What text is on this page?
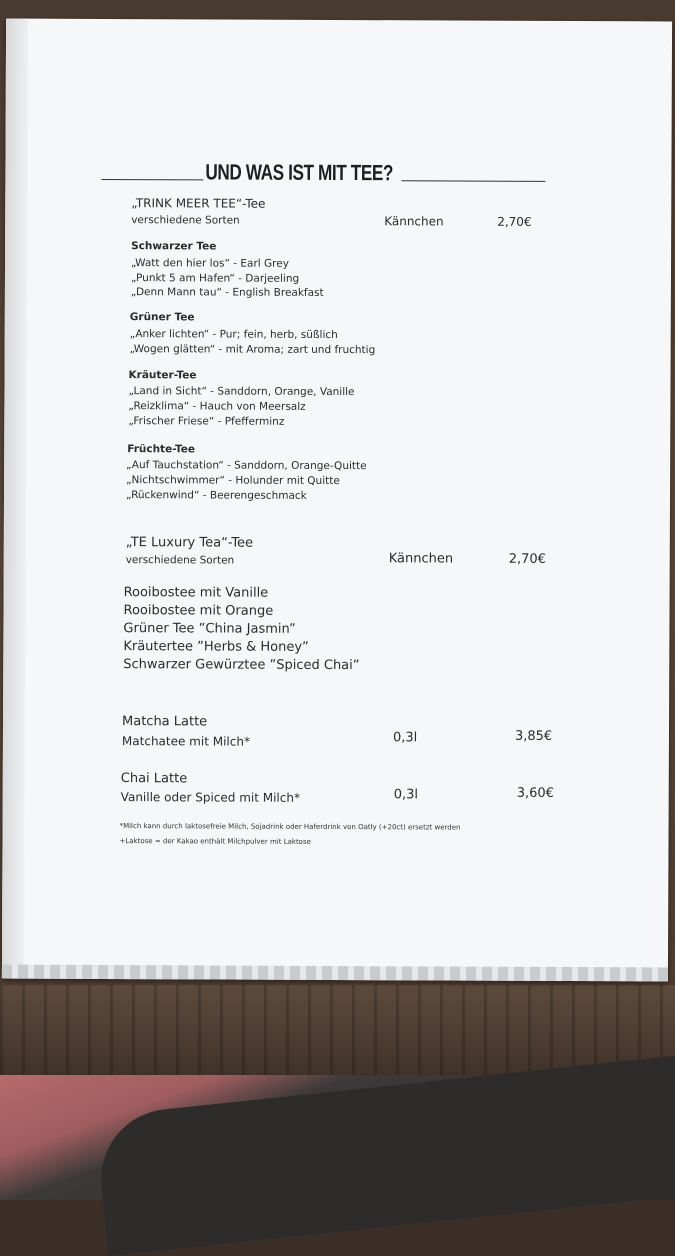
UND WAS IST MIT TEE?
„TRINK MEER TEE“-Tee
verschiedene Sorten	Kännchen	2,70€
Schwarzer Tee
„Watt den hier los“ - Earl Grey
„Punkt 5 am Hafen“ - Darjeeling
„Denn Mann tau“ - English Breakfast
Grüner Tee
„Anker lichten“ - Pur; fein, herb, süßlich
„Wogen glätten“ - mit Aroma; zart und fruchtig
Kräuter-Tee
„Land in Sicht“ - Sanddorn, Orange, Vanille
„Reizklima“ - Hauch von Meersalz
„Frischer Friese“ - Pfefferminz
Früchte-Tee
„Auf Tauchstation“ - Sanddorn, Orange-Quitte
„Nichtschwimmer“ - Holunder mit Quitte
„Rückenwind“ - Beerengeschmack
„TE Luxury Tea“-Tee
verschiedene Sorten	Kännchen	2,70€
Rooibostee mit Vanille
Rooibostee mit Orange
Grüner Tee ”China Jasmin”
Kräutertee ”Herbs & Honey”
Schwarzer Gewürztee ”Spiced Chai”
Matcha Latte
Matchatee mit Milch*	0,3l	3,85€
Chai Latte
Vanille oder Spiced mit Milch*	0,3l	3,60€
*Milch kann durch laktosefreie Milch, Sojadrink oder Haferdrink von Oatly (+20ct) ersetzt werden
+Laktose = der Kakao enthält Milchpulver mit Laktose
